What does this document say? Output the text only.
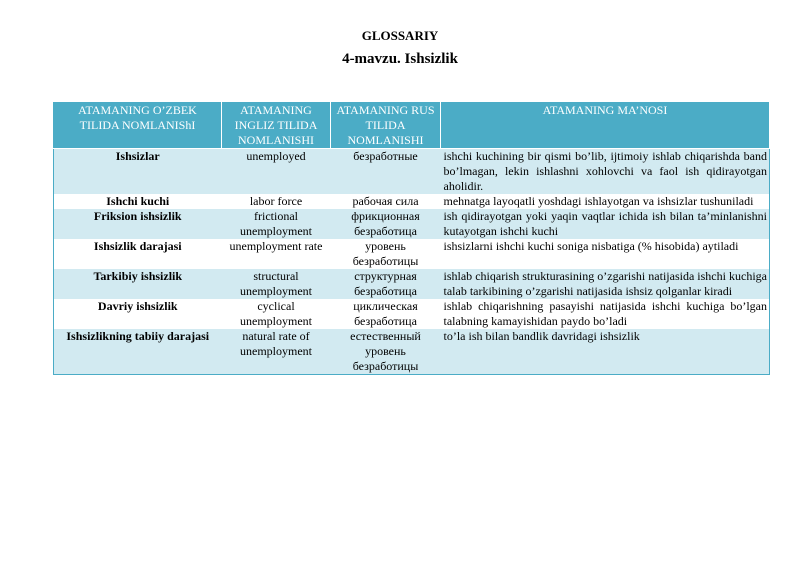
GLOSSARIY
4-mavzu. Ishsizlik
ATAMANING O’ZBEK TILIDA NOMLANIShI	ATAMANING INGLIZ TILIDA NOMLANISHI	ATAMANING RUS TILIDA NOMLANISHI	ATAMANING MA’NOSI
Ishsizlar	unemployed	безработные	ishchi kuchining bir qismi bo’lib, ijtimoiy ishlab chiqarishda band bo’lmagan, lekin ishlashni xohlovchi va faol ish qidirayotgan aholidir.
Ishchi kuchi	labor force	рабочая сила	mehnatga layoqatli yoshdagi ishlayotgan va ishsizlar tushuniladi
Friksion ishsizlik	frictional unemployment	фрикционная безработица	ish qidirayotgan yoki yaqin vaqtlar ichida ish bilan ta’minlanishni kutayotgan ishchi kuchi
Ishsizlik darajasi	unemployment rate	уровень безработицы	ishsizlarni ishchi kuchi soniga nisbatiga (% hisobida) aytiladi
Tarkibiy ishsizlik	structural unemployment	структурная безработица	ishlab chiqarish strukturasining o’zgarishi natijasida ishchi kuchiga talab tarkibining o’zgarishi natijasida ishsiz qolganlar kiradi
Davriy ishsizlik	cyclical unemployment	циклическая безработица	ishlab chiqarishning pasayishi natijasida ishchi kuchiga bo’lgan talabning kamayishidan paydo bo’ladi
Ishsizlikning tabiiy darajasi	natural rate of unemployment	естественный уровень безработицы	to’la ish bilan bandlik davridagi ishsizlik
